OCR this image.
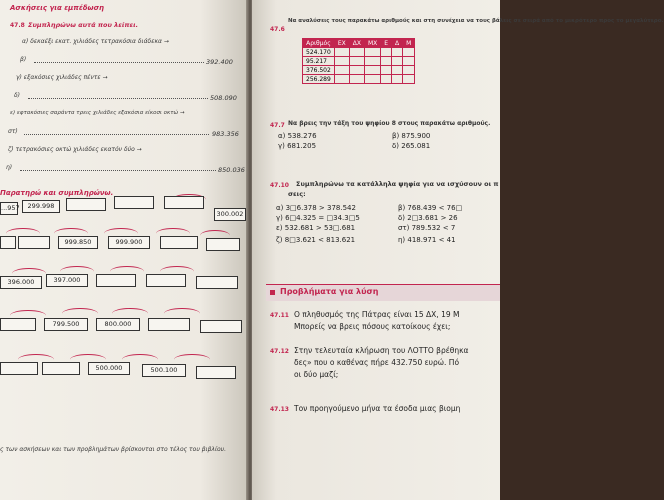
Ασκήσεις για εμπέδωση
47.8 Συμπληρώνω αυτά που λείπει.
α) δεκαέξι εκατ. χιλιάδες τετρακόσια διάδεκα →
β)	392.400
γ) εξακόσιες χιλιάδες πέντε →
δ)	508.090
ε) εφτακόσιες σαράντα τρεις χιλιάδες εξακόσια είκοσι οκτώ →
στ)	983.356
ζ) τετρακόσιες οκτώ χιλιάδες εκατόν δύο →
η)	850.036
Παρατηρώ και συμπληρώνω.
...957	299.998
300.002
999.850	999.900
396.000	397.000
799.500	800.000
500.000	500.100
ς των ασκήσεων και των προβλημάτων βρίσκονται στο τέλος του βιβλίου.
47.6
Να αναλύσεις τους παρακάτω αριθμούς και στη συνέχεια να τους βάλεις σε σειρά από το μικρότερο προς το μεγαλύτερο.
Αριθμός	ΕΧ	ΔΧ	ΜΧ	Ε	Δ	Μ
524.170						
95.217						
376.502						
256.289						
47.7 Να βρεις την τάξη του ψηφίου 8 στους παρακάτω αριθμούς.
α) 538.276	β) 875.900
γ) 681.205	δ) 265.081
47.10 Συμπληρώνω τα κατάλληλα ψηφία για να ισχύσουν οι π
σεις:
α) 3□6.378 > 378.542	β) 768.439 < 76□
γ) 6□4.325 = □34.3□5	δ) 2□3.681 > 26
ε) 532.681 > 53□.681	στ) 789.532 < 7
ζ) 8□3.621 < 813.621	η) 418.971 < 41
Προβλήματα για λύση
47.11 Ο πληθυσμός της Πάτρας είναι 15 ΔΧ, 19 Μ
Μπορείς να βρεις πόσους κατοίκους έχει;
47.12 Στην τελευταία κλήρωση του ΛΟΤΤΟ βρέθηκα
δες» που ο καθένας πήρε 432.750 ευρώ. Πό
οι δύο μαζί;
47.13 Τον προηγούμενο μήνα τα έσοδα μιας βιομη
